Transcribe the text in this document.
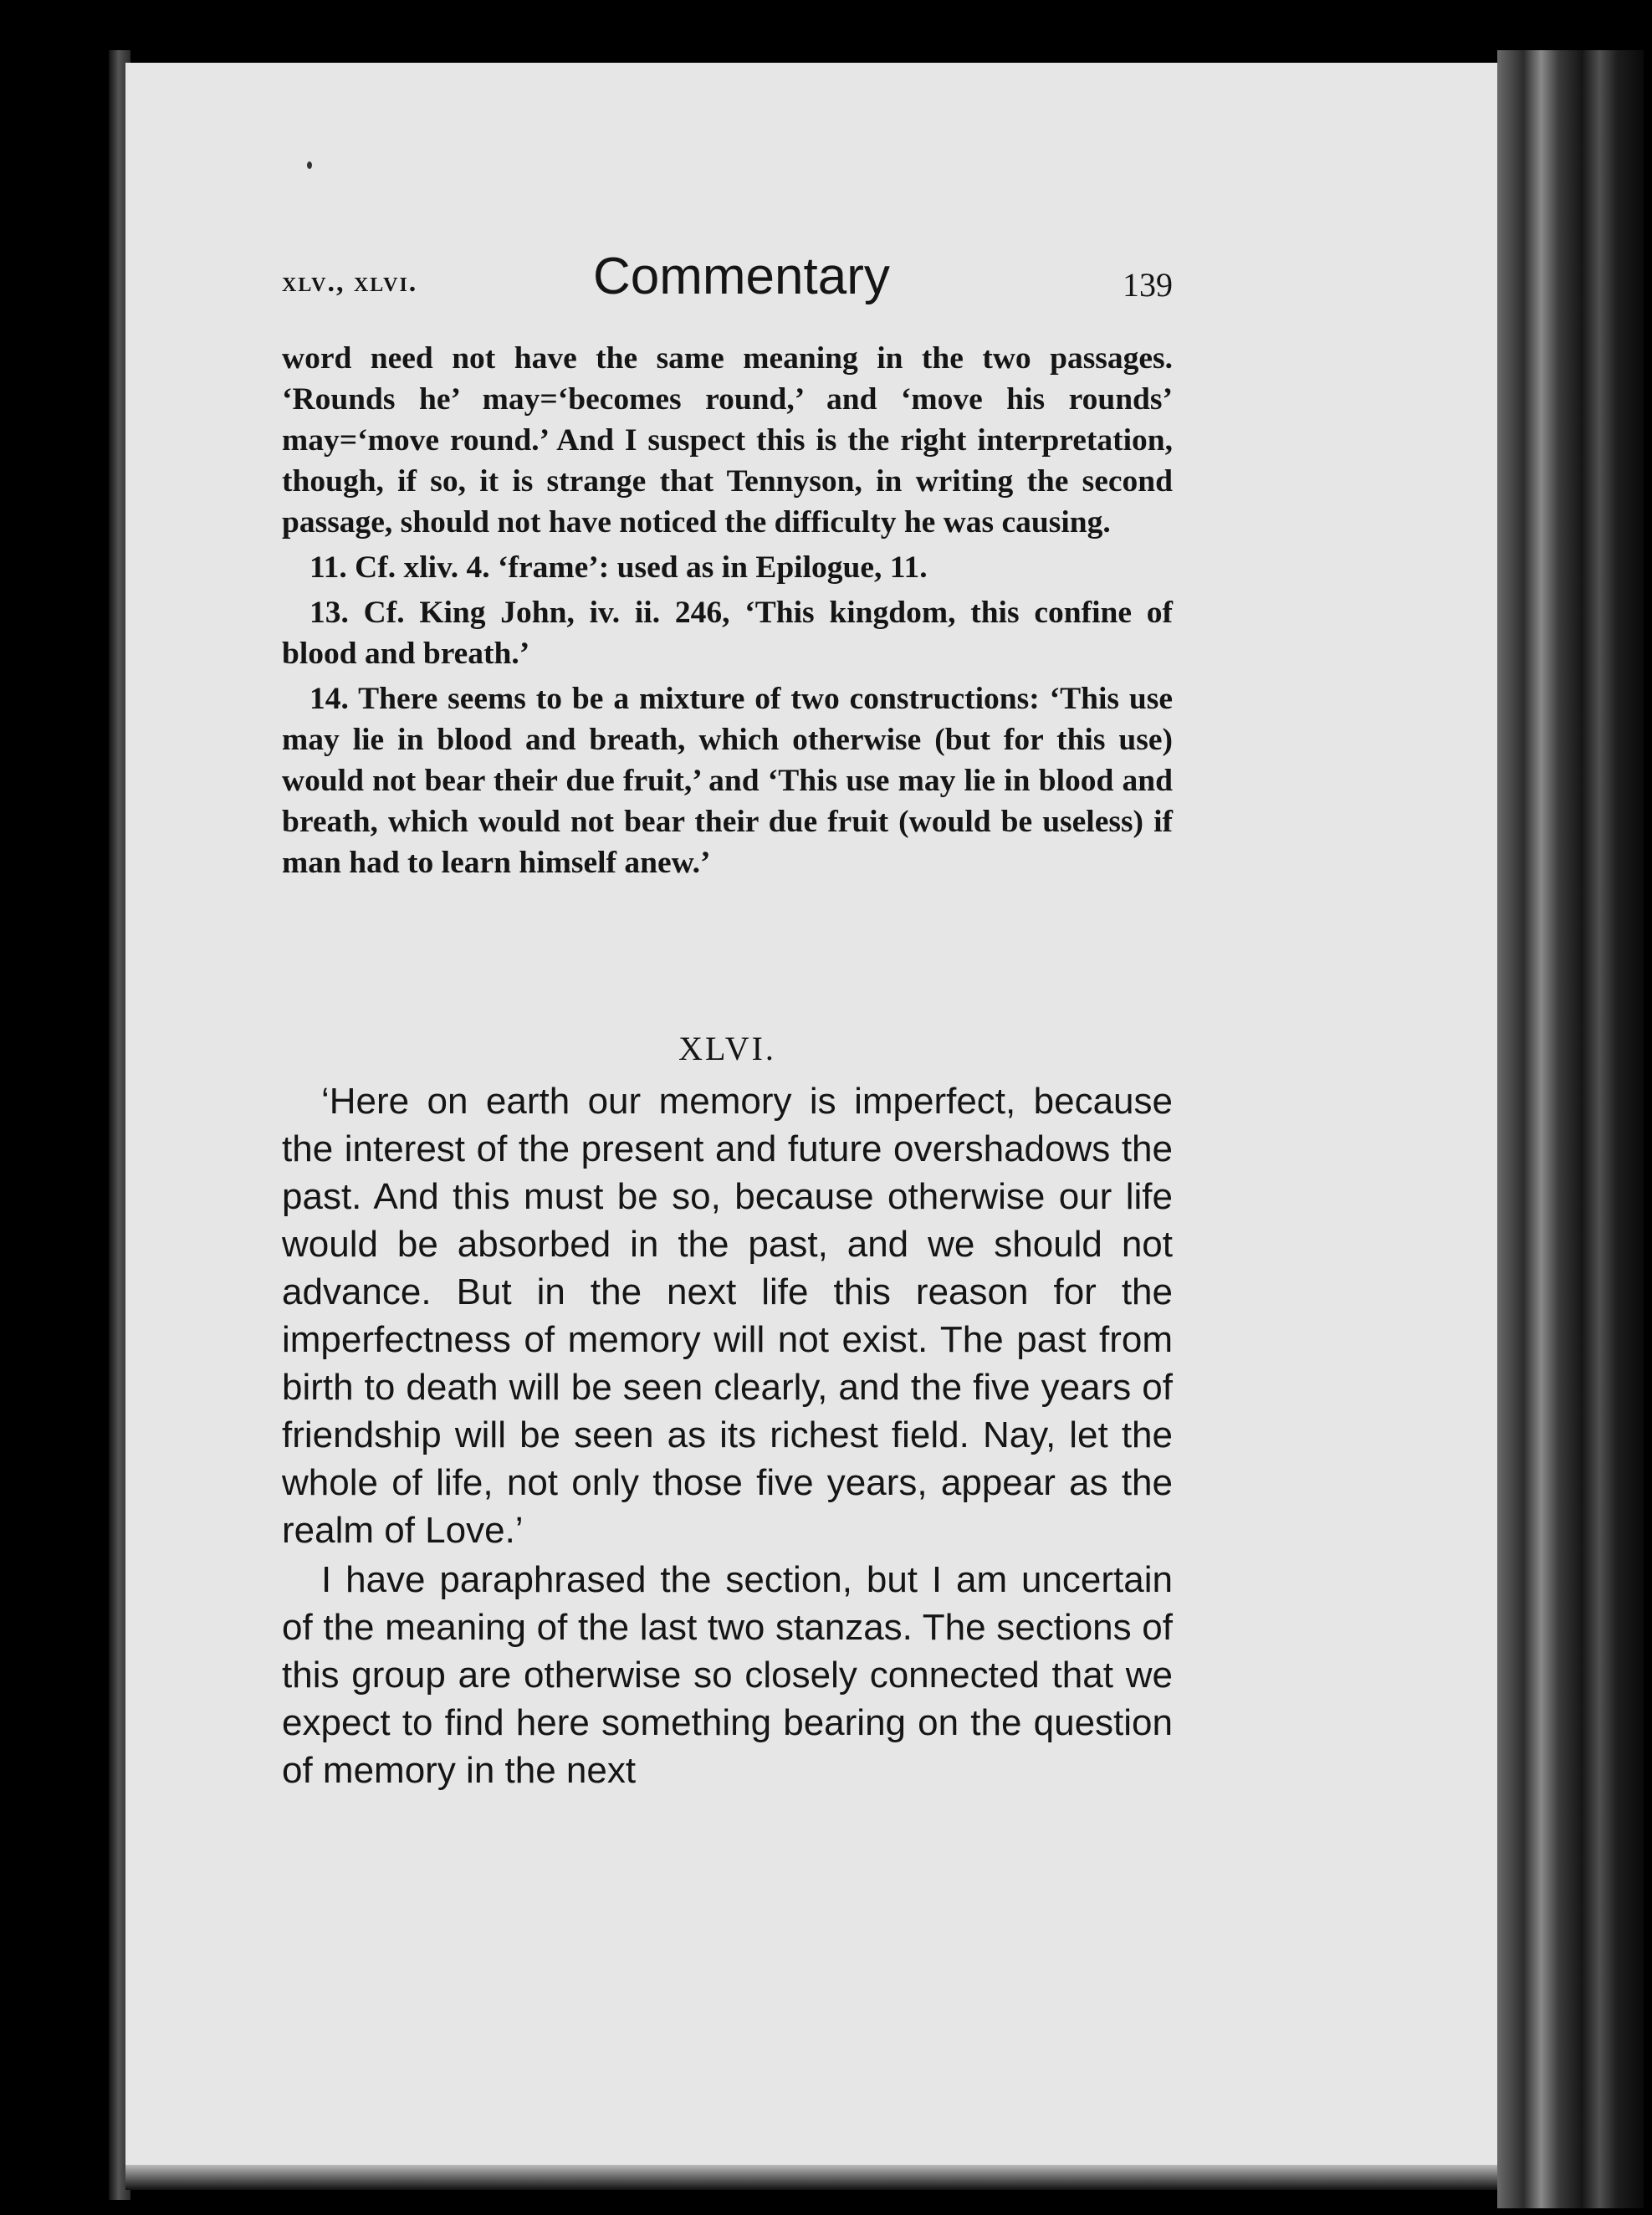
xlv., xlvi.	Commentary	139

word need not have the same meaning in the two passages. ‘Rounds he’ may=‘becomes round,’ and ‘move his rounds’ may=‘move round.’ And I suspect this is the right interpretation, though, if so, it is strange that Tennyson, in writing the second passage, should not have noticed the difficulty he was causing.

11. Cf. xliv. 4. ‘frame’: used as in Epilogue, 11.

13. Cf. King John, iv. ii. 246, ‘This kingdom, this confine of blood and breath.’

14. There seems to be a mixture of two constructions: ‘This use may lie in blood and breath, which otherwise (but for this use) would not bear their due fruit,’ and ‘This use may lie in blood and breath, which would not bear their due fruit (would be useless) if man had to learn himself anew.’

XLVI.

‘Here on earth our memory is imperfect, because the interest of the present and future overshadows the past. And this must be so, because otherwise our life would be absorbed in the past, and we should not advance. But in the next life this reason for the imperfectness of memory will not exist. The past from birth to death will be seen clearly, and the five years of friendship will be seen as its richest field. Nay, let the whole of life, not only those five years, appear as the realm of Love.’

I have paraphrased the section, but I am uncertain of the meaning of the last two stanzas. The sections of this group are otherwise so closely connected that we expect to find here something bearing on the question of memory in the next
